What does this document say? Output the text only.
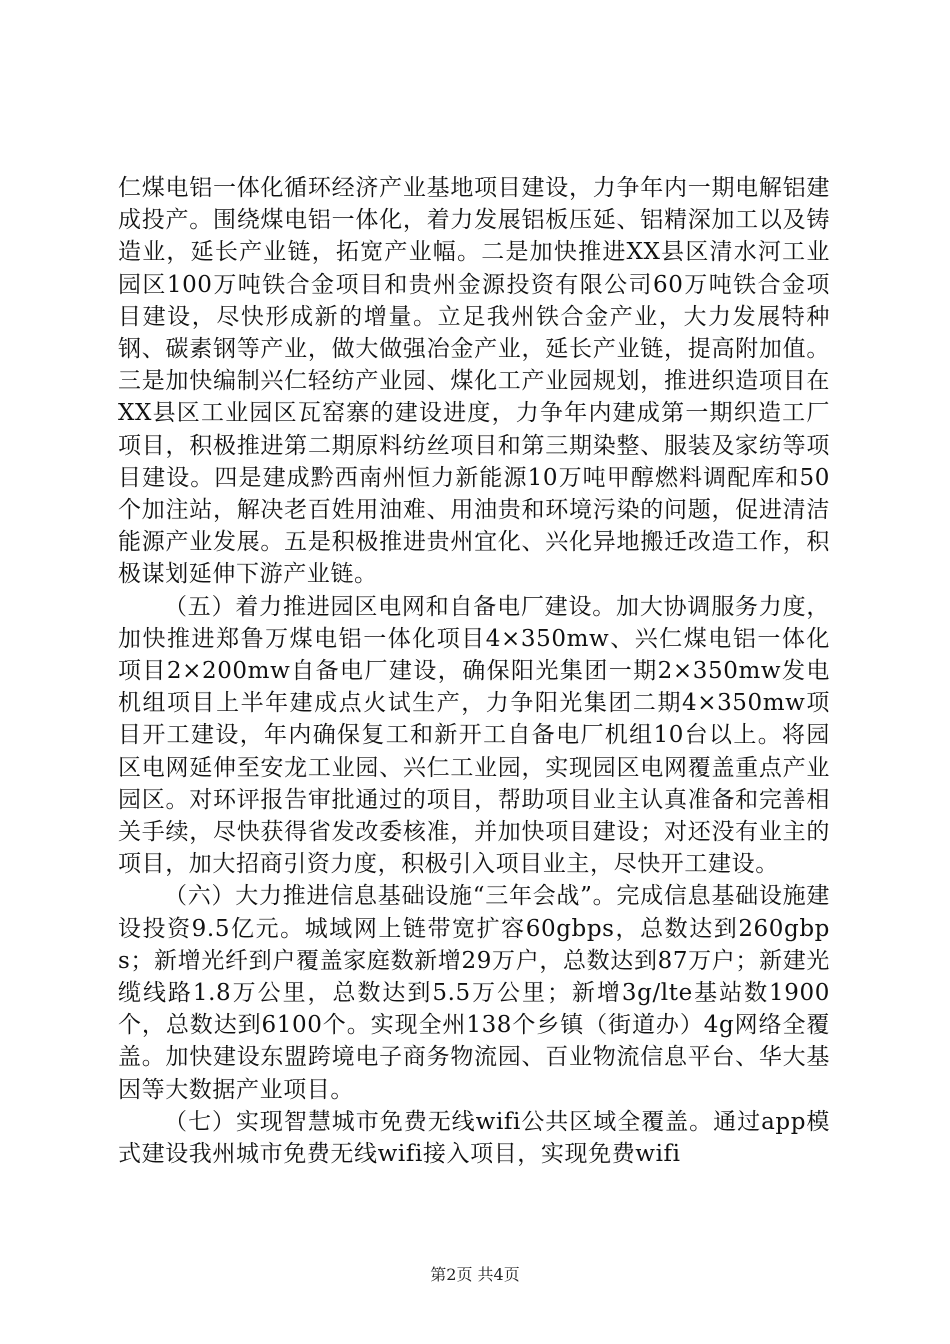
仁煤电铝一体化循环经济产业基地项目建设，力争年内一期电解铝建成投产。围绕煤电铝一体化，着力发展铝板压延、铝精深加工以及铸造业，延长产业链，拓宽产业幅。二是加快推进XX县区清水河工业园区100万吨铁合金项目和贵州金源投资有限公司60万吨铁合金项目建设，尽快形成新的增量。立足我州铁合金产业，大力发展特种钢、碳素钢等产业，做大做强冶金产业，延长产业链，提高附加值。三是加快编制兴仁轻纺产业园、煤化工产业园规划，推进织造项目在XX县区工业园区瓦窑寨的建设进度，力争年内建成第一期织造工厂项目，积极推进第二期原料纺丝项目和第三期染整、服装及家纺等项目建设。四是建成黔西南州恒力新能源10万吨甲醇燃料调配库和50个加注站，解决老百姓用油难、用油贵和环境污染的问题，促进清洁能源产业发展。五是积极推进贵州宜化、兴化异地搬迁改造工作，积极谋划延伸下游产业链。

（五）着力推进园区电网和自备电厂建设。加大协调服务力度，加快推进郑鲁万煤电铝一体化项目4×350mw、兴仁煤电铝一体化项目2×200mw自备电厂建设，确保阳光集团一期2×350mw发电机组项目上半年建成点火试生产，力争阳光集团二期4×350mw项目开工建设，年内确保复工和新开工自备电厂机组10台以上。将园区电网延伸至安龙工业园、兴仁工业园，实现园区电网覆盖重点产业园区。对环评报告审批通过的项目，帮助项目业主认真准备和完善相关手续，尽快获得省发改委核准，并加快项目建设；对还没有业主的项目，加大招商引资力度，积极引入项目业主，尽快开工建设。

（六）大力推进信息基础设施“三年会战”。完成信息基础设施建设投资9.5亿元。城域网上链带宽扩容60gbps，总数达到260gbps；新增光纤到户覆盖家庭数新增29万户，总数达到87万户；新建光缆线路1.8万公里，总数达到5.5万公里；新增3g/lte基站数1900个，总数达到6100个。实现全州138个乡镇（街道办）4g网络全覆盖。加快建设东盟跨境电子商务物流园、百业物流信息平台、华大基因等大数据产业项目。

（七）实现智慧城市免费无线wifi公共区域全覆盖。通过app模式建设我州城市免费无线wifi接入项目，实现免费wifi

第2页 共4页
